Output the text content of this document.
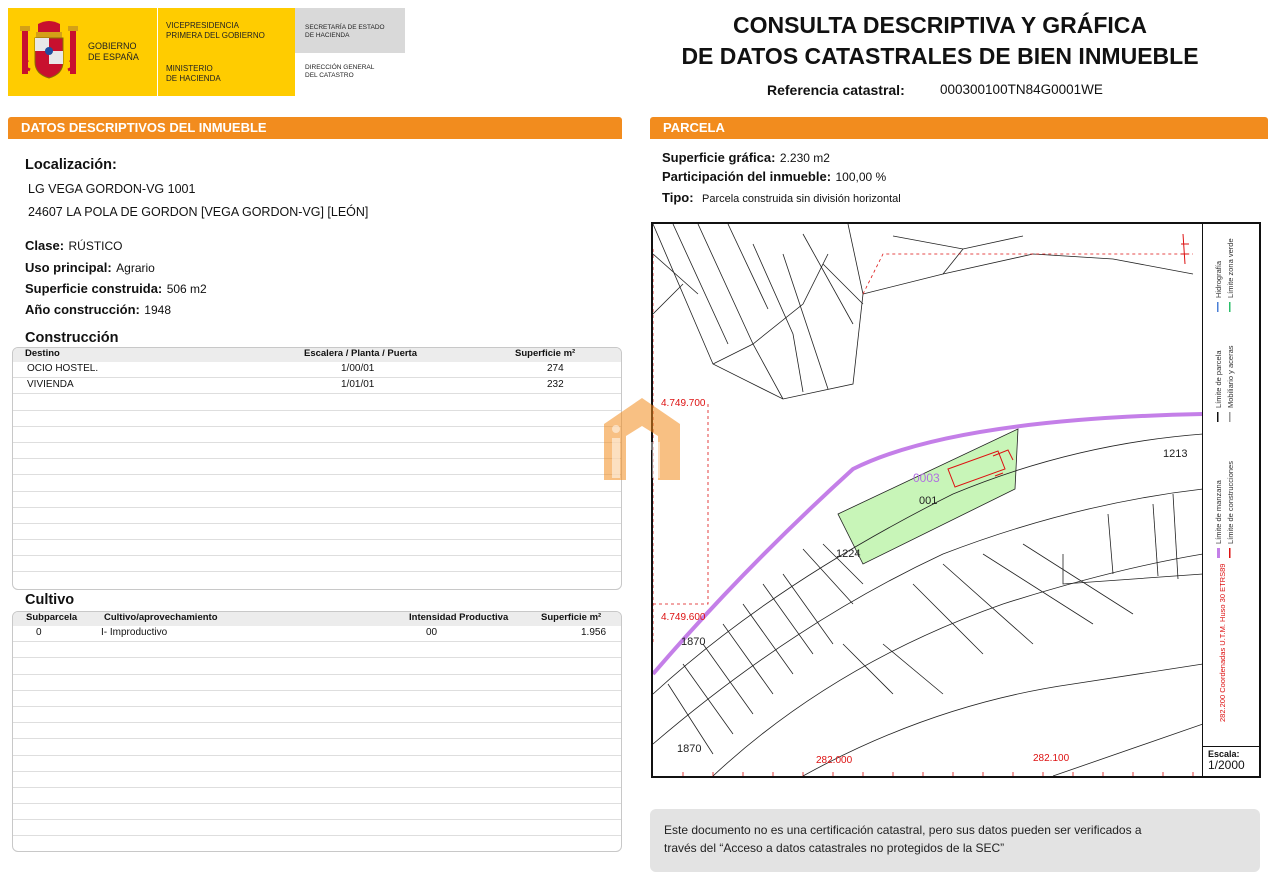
GOBIERNO
DE ESPAÑA
VICEPRESIDENCIA
PRIMERA DEL GOBIERNO
MINISTERIO
DE HACIENDA
SECRETARÍA DE ESTADO
DE HACIENDA
DIRECCIÓN GENERAL
DEL CATASTRO
CONSULTA DESCRIPTIVA Y GRÁFICA
DE DATOS CATASTRALES DE BIEN INMUEBLE
Referencia catastral:	000300100TN84G0001WE
DATOS DESCRIPTIVOS DEL INMUEBLE
Localización:
LG VEGA GORDON-VG 1001
24607 LA POLA DE GORDON [VEGA GORDON-VG] [LEÓN]
Clase: RÚSTICO
Uso principal: Agrario
Superficie construida: 506 m2
Año construcción: 1948
Construcción
Destino	Escalera / Planta / Puerta	Superficie m²
OCIO HOSTEL.	1/00/01	274
VIVIENDA	1/01/01	232
Cultivo
Subparcela	Cultivo/aprovechamiento	Intensidad Productiva	Superficie m²
0	I- Improductivo	00	1.956
PARCELA
Superficie gráfica: 2.230 m2
Participación del inmueble: 100,00 %
Tipo: Parcela construida sin división horizontal
4.749.700
4.749.600
282.000	282.100
1213
1224
1870
1870
0003
001	Límite de manzana Límite de construcciones
Límite de parcela Mobiliario y aceras
Hidrografía Límite zona verde
282.200 Coordenadas U.T.M. Huso 30 ETRS89
Escala:
1/2000
Este documento no es una certificación catastral, pero sus datos pueden ser verificados a
través del “Acceso a datos catastrales no protegidos de la SEC”
